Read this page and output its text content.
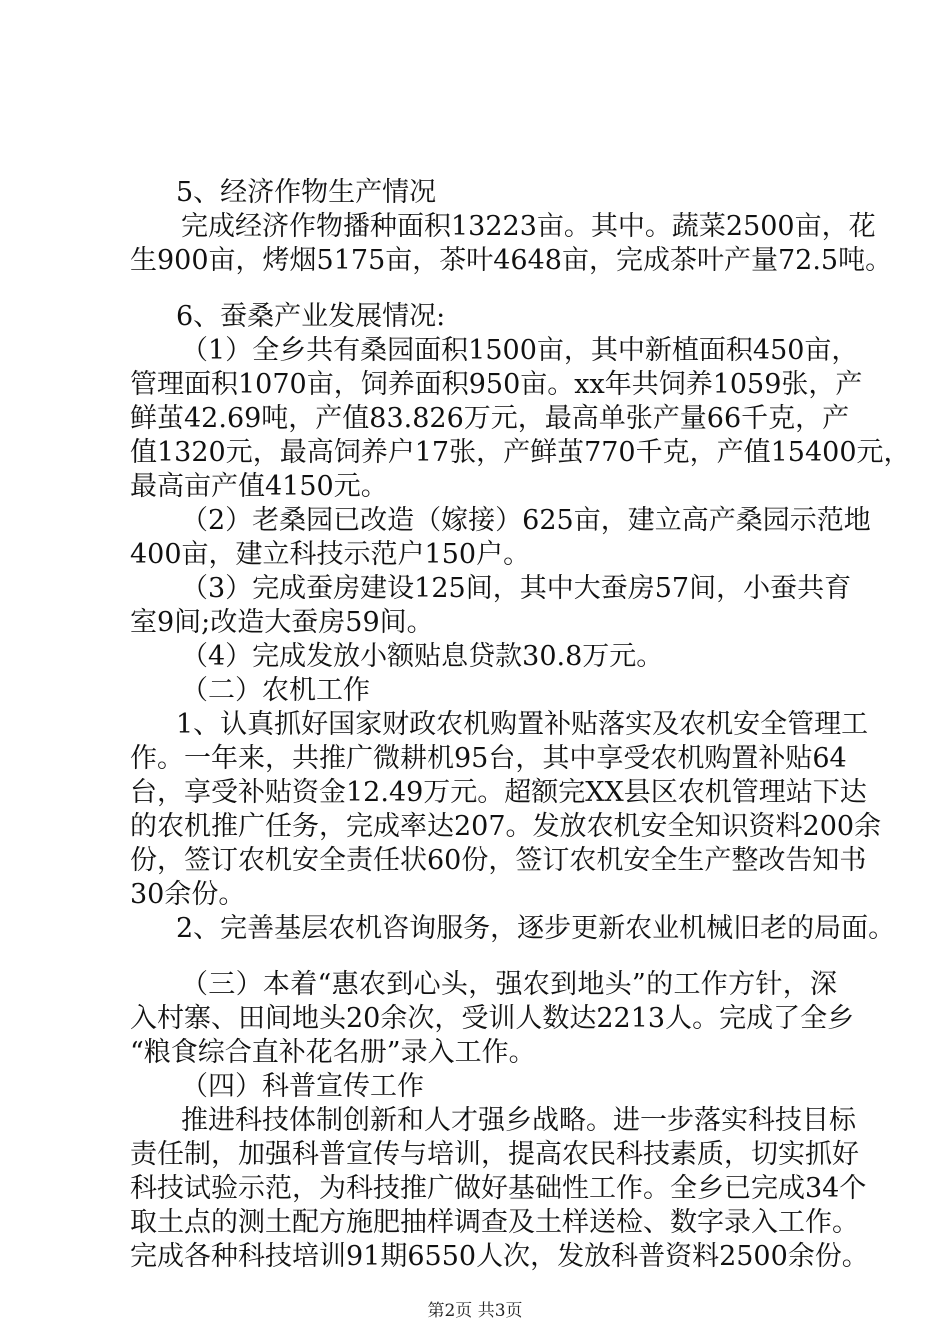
5、经济作物生产情况
完成经济作物播种面积13223亩。其中。蔬菜2500亩，花
生900亩，烤烟5175亩，茶叶4648亩，完成茶叶产量72.5吨。
6、蚕桑产业发展情况:
（1）全乡共有桑园面积1500亩，其中新植面积450亩，
管理面积1070亩，饲养面积950亩。xx年共饲养1059张，产
鲜茧42.69吨，产值83.826万元，最高单张产量66千克，产
值1320元，最高饲养户17张，产鲜茧770千克，产值15400元，
最高亩产值4150元。
（2）老桑园已改造（嫁接）625亩，建立高产桑园示范地
400亩，建立科技示范户150户。
（3）完成蚕房建设125间，其中大蚕房57间，小蚕共育
室9间;改造大蚕房59间。
（4）完成发放小额贴息贷款30.8万元。
（二）农机工作
1、认真抓好国家财政农机购置补贴落实及农机安全管理工
作。一年来，共推广微耕机95台，其中享受农机购置补贴64
台，享受补贴资金12.49万元。超额完XX县区农机管理站下达
的农机推广任务，完成率达207。发放农机安全知识资料200余
份，签订农机安全责任状60份，签订农机安全生产整改告知书
30余份。
2、完善基层农机咨询服务，逐步更新农业机械旧老的局面。
（三）本着“惠农到心头，强农到地头”的工作方针，深
入村寨、田间地头20余次，受训人数达2213人。完成了全乡
“粮食综合直补花名册”录入工作。
（四）科普宣传工作
推进科技体制创新和人才强乡战略。进一步落实科技目标
责任制，加强科普宣传与培训，提高农民科技素质，切实抓好
科技试验示范，为科技推广做好基础性工作。全乡已完成34个
取土点的测土配方施肥抽样调查及土样送检、数字录入工作。
完成各种科技培训91期6550人次，发放科普资料2500余份。
第2页 共3页
